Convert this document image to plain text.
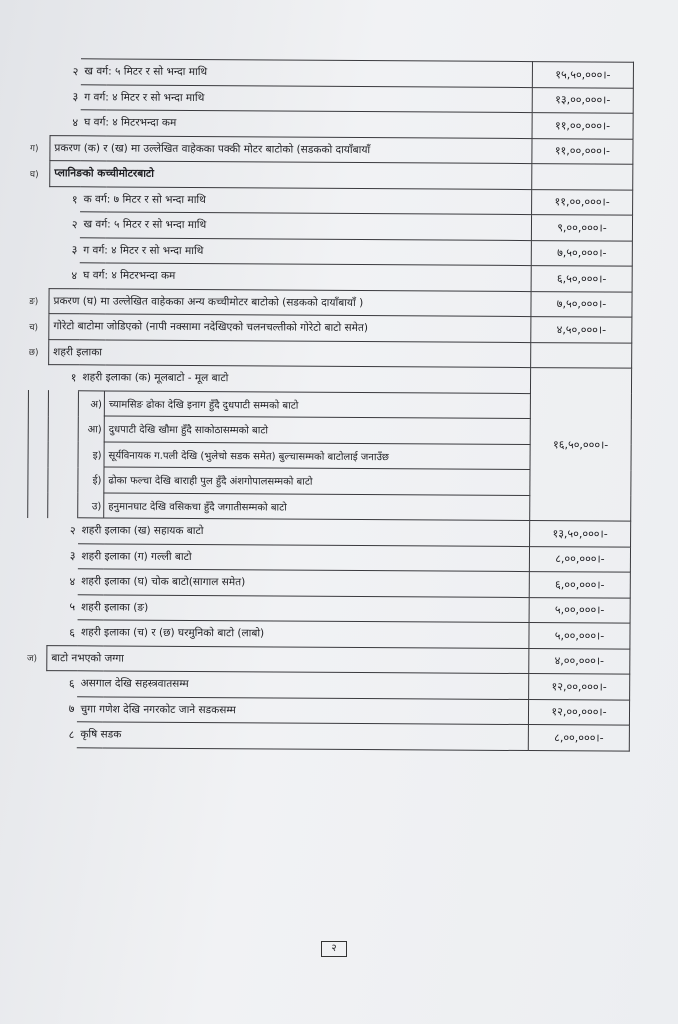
	२	ख वर्ग: ५ मिटर र सो भन्दा माथि		१५,५०,०००।-
	३	ग वर्ग: ४ मिटर र सो भन्दा माथि		१३,००,०००।-
	४	घ वर्ग: ४ मिटरभन्दा कम		११,००,०००।-
ग)	प्रकरण (क) र (ख) मा उल्लेखित वाहेकका पक्की मोटर बाटोको (सडकको दायाँबायाँ			११,००,०००।-
घ)	प्लानिङको कच्चीमोटरबाटो			
	१	क वर्ग: ७ मिटर र सो भन्दा माथि		११,००,०००।-
	२	ख वर्ग: ५ मिटर र सो भन्दा माथि		९,००,०००।-
	३	ग वर्ग: ४ मिटर र सो भन्दा माथि		७,५०,०००।-
	४	घ वर्ग: ४ मिटरभन्दा कम		६,५०,०००।-
ङ)	प्रकरण (घ) मा उल्लेखित वाहेकका अन्य कच्चीमोटर बाटोको (सडकको दायाँबायाँ )			७,५०,०००।-
च)	गोरेटो बाटोमा जोडिएको (नापी नक्सामा नदेखिएको चलनचल्तीको गोरेटो बाटो समेत)			४,५०,०००।-
छ)	शहरी इलाका			
	१	शहरी इलाका (क) मूलबाटो - मूल बाटो		१६,५०,०००।-
		अ)	च्यामसिङ ढोका देखि इनाग हुँदै दुधपाटी सम्मको बाटो	
		आ)	दुधपाटी देखि खौमा हुँदै साकोठासम्मको बाटो	
		इ)	सूर्यविनायक ग.पली देखि (भुलेचो सडक समेत) बुल्चासम्मको बाटोलाई जनाउँछ	
		ई)	ढोका फल्चा देखि बाराही पुल हुँदै अंशगोपालसम्मको बाटो	
		उ)	हनुमानघाट देखि वसिकचा हुँदै जगातीसम्मको बाटो	
	२	शहरी इलाका (ख) सहायक बाटो		१३,५०,०००।-
	३	शहरी इलाका (ग) गल्ली बाटो		८,००,०००।-
	४	शहरी इलाका (घ) चोक बाटो(सागाल समेत)		६,००,०००।-
	५	शहरी इलाका (ङ)		५,००,०००।-
	६	शहरी इलाका (च) र (छ) घरमुनिको बाटो (लाबो)		५,००,०००।-
ज)	बाटो नभएको जग्गा			४,००,०००।-
	६	असगाल देखि सहस्त्रवातसम्म		१२,००,०००।-
	७	चुगा गणेश देखि नगरकोट जाने सडकसम्म		१२,००,०००।-
	८	कृषि सडक		८,००,०००।-
२
